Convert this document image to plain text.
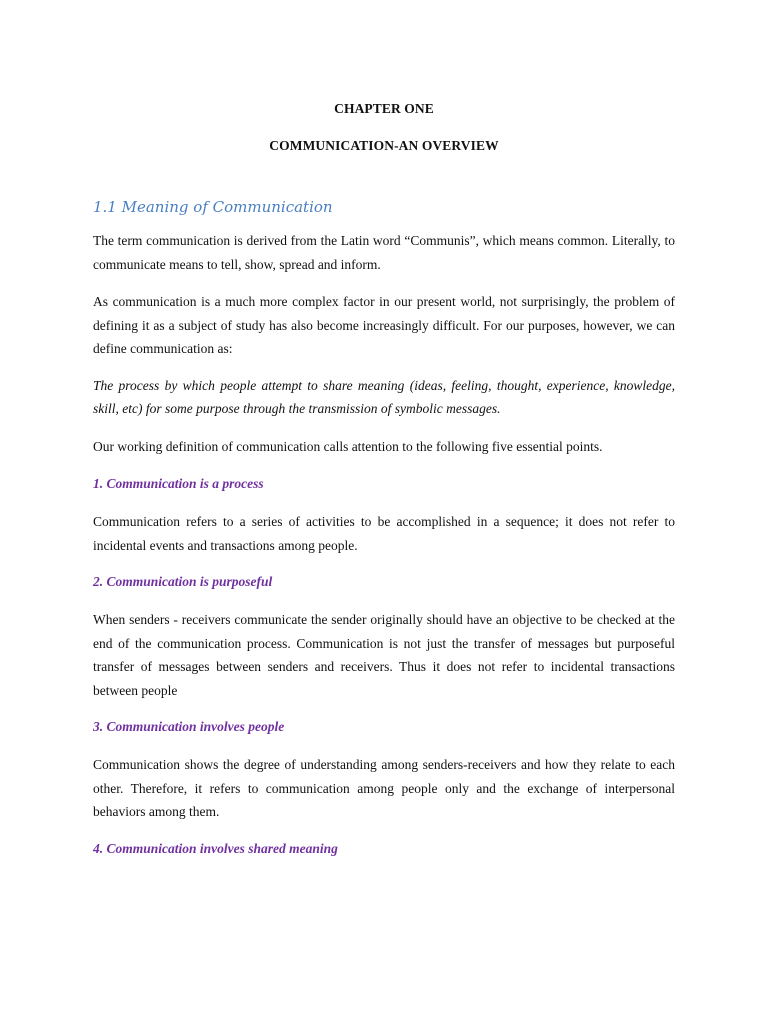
CHAPTER ONE
COMMUNICATION-AN OVERVIEW
1.1 Meaning of Communication
The term communication is derived from the Latin word “Communis”, which means common. Literally, to communicate means to tell, show, spread and inform.
As communication is a much more complex factor in our present world, not surprisingly, the problem of defining it as a subject of study has also become increasingly difficult. For our purposes, however, we can define communication as:
The process by which people attempt to share meaning (ideas, feeling, thought, experience, knowledge, skill, etc) for some purpose through the transmission of symbolic messages.
Our working definition of communication calls attention to the following five essential points.
1. Communication is a process
Communication refers to a series of activities to be accomplished in a sequence; it does not refer to incidental events and transactions among people.
2. Communication is purposeful
When senders - receivers communicate the sender originally should have an objective to be checked at the end of the communication process. Communication is not just the transfer of messages but purposeful transfer of messages between senders and receivers. Thus it does not refer to incidental transactions between people
3. Communication involves people
Communication shows the degree of understanding among senders-receivers and how they relate to each other. Therefore, it refers to communication among people only and the exchange of interpersonal behaviors among them.
4. Communication involves shared meaning
